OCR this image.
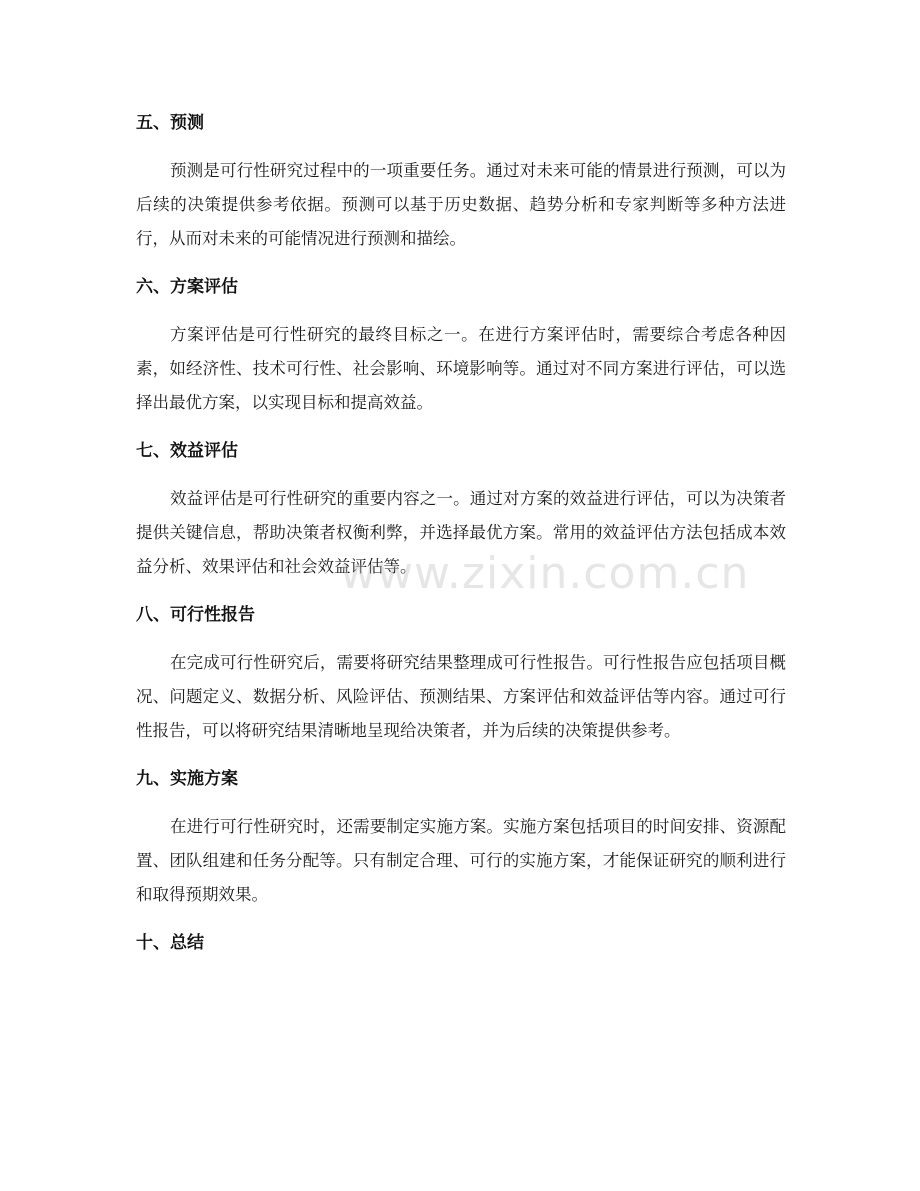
五、预测

预测是可行性研究过程中的一项重要任务。通过对未来可能的情景进行预测，可以为后续的决策提供参考依据。预测可以基于历史数据、趋势分析和专家判断等多种方法进行，从而对未来的可能情况进行预测和描绘。

六、方案评估

方案评估是可行性研究的最终目标之一。在进行方案评估时，需要综合考虑各种因素，如经济性、技术可行性、社会影响、环境影响等。通过对不同方案进行评估，可以选择出最优方案，以实现目标和提高效益。

七、效益评估

效益评估是可行性研究的重要内容之一。通过对方案的效益进行评估，可以为决策者提供关键信息，帮助决策者权衡利弊，并选择最优方案。常用的效益评估方法包括成本效益分析、效果评估和社会效益评估等。

八、可行性报告

在完成可行性研究后，需要将研究结果整理成可行性报告。可行性报告应包括项目概况、问题定义、数据分析、风险评估、预测结果、方案评估和效益评估等内容。通过可行性报告，可以将研究结果清晰地呈现给决策者，并为后续的决策提供参考。

九、实施方案

在进行可行性研究时，还需要制定实施方案。实施方案包括项目的时间安排、资源配置、团队组建和任务分配等。只有制定合理、可行的实施方案，才能保证研究的顺利进行和取得预期效果。

十、总结
www.zixin.com.cn
